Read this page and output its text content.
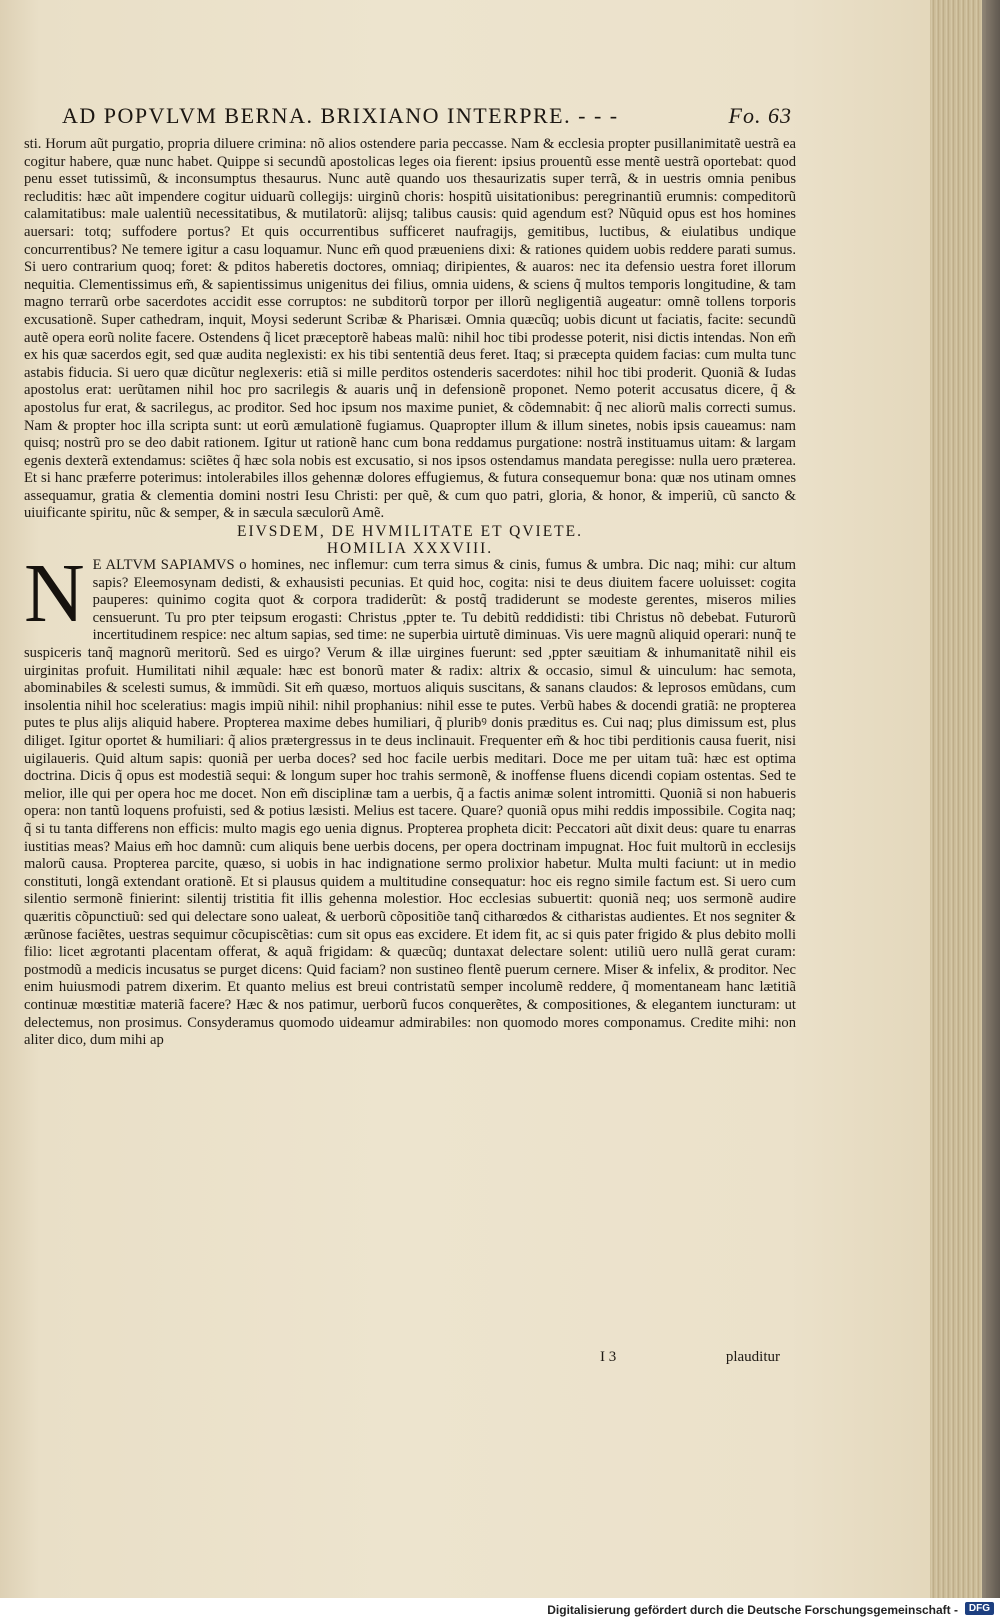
AD POPVLVM BERNA. BRIXIANO INTERPRE. - - -	Fo. 63

sti. Horum aũt purgatio, propria diluere crimina: nõ alios ostendere paria peccasse. Nam & ecclesia propter pusillanimitatẽ uestrã ea cogitur habere, quæ nunc habet. Quippe si secundũ apostolicas leges oia fierent: ipsius prouentũ esse mentẽ uestrã oportebat: quod penu esset tutissimũ, & inconsumptus thesaurus. Nunc autẽ quando uos thesaurizatis super terrã, & in uestris omnia penibus recluditis: hæc aũt impendere cogitur uiduarũ collegijs: uirginũ choris: hospitũ uisitationibus: peregrinantiũ erumnis: compeditorũ calamitatibus: male ualentiũ necessitatibus, & mutilatorũ: alijsq; talibus causis: quid agendum est? Nũquid opus est hos homines auersari: totq; suffodere portus? Et quis occurrentibus sufficeret naufragijs, gemitibus, luctibus, & eiulatibus undique concurrentibus? Ne temere igitur a casu loquamur. Nunc em̃ quod præueniens dixi: & rationes quidem uobis reddere parati sumus. Si uero contrarium quoq; foret: & pditos haberetis doctores, omniaq; diripientes, & auaros: nec ita defensio uestra foret illorum nequitia. Clementissimus em̃, & sapientissimus unigenitus dei filius, omnia uidens, & sciens q̃ multos temporis longitudine, & tam magno terrarũ orbe sacerdotes accidit esse corruptos: ne subditorũ torpor per illorũ negligentiã augeatur: omnẽ tollens torporis excusationẽ. Super cathedram, inquit, Moysi sederunt Scribæ & Pharisæi. Omnia quæcũq; uobis dicunt ut faciatis, facite: secundũ autẽ opera eorũ nolite facere. Ostendens q̃ licet præceptorẽ habeas malũ: nihil hoc tibi prodesse poterit, nisi dictis intendas. Non em̃ ex his quæ sacerdos egit, sed quæ audita neglexisti: ex his tibi sententiã deus feret. Itaq; si præcepta quidem facias: cum multa tunc astabis fiducia. Si uero quæ dicũtur neglexeris: etiã si mille perditos ostenderis sacerdotes: nihil hoc tibi proderit. Quoniã & Iudas apostolus erat: uerũtamen nihil hoc pro sacrilegis & auaris unq̃ in defensionẽ proponet. Nemo poterit accusatus dicere, q̃ & apostolus fur erat, & sacrilegus, ac proditor. Sed hoc ipsum nos maxime puniet, & cõdemnabit: q̃ nec aliorũ malis correcti sumus. Nam & propter hoc illa scripta sunt: ut eorũ æmulationẽ fugiamus. Quapropter illum & illum sinetes, nobis ipsis caueamus: nam quisq; nostrũ pro se deo dabit rationem. Igitur ut rationẽ hanc cum bona reddamus purgatione: nostrã instituamus uitam: & largam egenis dexterã extendamus: sciẽtes q̃ hæc sola nobis est excusatio, si nos ipsos ostendamus mandata peregisse: nulla uero præterea. Et si hanc præferre poterimus: intolerabiles illos gehennæ dolores effugiemus, & futura consequemur bona: quæ nos utinam omnes assequamur, gratia & clementia domini nostri Iesu Christi: per quẽ, & cum quo patri, gloria, & honor, & imperiũ, cũ sancto & uiuificante spiritu, nũc & semper, & in sæcula sæculorũ Amẽ.

EIVSDEM, DE HVMILITATE ET QVIETE.

HOMILIA XXXVIII.

N E ALTVM SAPIAMVS o homines, nec inflemur: cum terra simus & cinis, fumus & umbra. Dic naq; mihi: cur altum sapis? Eleemosynam dedisti, & exhausisti pecunias. Et quid hoc, cogita: nisi te deus diuitem facere uoluisset: cogita pauperes: quinimo cogita quot & corpora tradiderũt: & postq̃ tradiderunt se modeste gerentes, miseros milies censuerunt. Tu pro pter teipsum erogasti: Christus ,ppter te. Tu debitũ reddidisti: tibi Christus nõ debebat. Futurorũ incertitudinem respice: nec altum sapias, sed time: ne superbia uirtutẽ diminuas. Vis uere magnũ aliquid operari: nunq̃ te suspiceris tanq̃ magnorũ meritorũ. Sed es uirgo? Verum & illæ uirgines fuerunt: sed ,ppter sæuitiam & inhumanitatẽ nihil eis uirginitas profuit. Humilitati nihil æquale: hæc est bonorũ mater & radix: altrix & occasio, simul & uinculum: hac semota, abominabiles & scelesti sumus, & immũdi. Sit em̃ quæso, mortuos aliquis suscitans, & sanans claudos: & leprosos emũdans, cum insolentia nihil hoc sceleratius: magis impiũ nihil: nihil prophanius: nihil esse te putes. Verbũ habes & docendi gratiã: ne propterea putes te plus alijs aliquid habere. Propterea maxime debes humiliari, q̃ pluribꝰ donis præditus es. Cui naq; plus dimissum est, plus diliget. Igitur oportet & humiliari: q̃ alios prætergressus in te deus inclinauit. Frequenter em̃ & hoc tibi perditionis causa fuerit, nisi uigilaueris. Quid altum sapis: quoniã per uerba doces? sed hoc facile uerbis meditari. Doce me per uitam tuã: hæc est optima doctrina. Dicis q̃ opus est modestiã sequi: & longum super hoc trahis sermonẽ, & inoffense fluens dicendi copiam ostentas. Sed te melior, ille qui per opera hoc me docet. Non em̃ disciplinæ tam a uerbis, q̃ a factis animæ solent intromitti. Quoniã si non habueris opera: non tantũ loquens profuisti, sed & potius læsisti. Melius est tacere. Quare? quoniã opus mihi reddis impossibile. Cogita naq; q̃ si tu tanta differens non efficis: multo magis ego uenia dignus. Propterea propheta dicit: Peccatori aũt dixit deus: quare tu enarras iustitias meas? Maius em̃ hoc damnũ: cum aliquis bene uerbis docens, per opera doctrinam impugnat. Hoc fuit multorũ in ecclesijs malorũ causa. Propterea parcite, quæso, si uobis in hac indignatione sermo prolixior habetur. Multa multi faciunt: ut in medio constituti, longã extendant orationẽ. Et si plausus quidem a multitudine consequatur: hoc eis regno simile factum est. Si uero cum silentio sermonẽ finierint: silentij tristitia fit illis gehenna molestior. Hoc ecclesias subuertit: quoniã neq; uos sermonẽ audire quæritis cõpunctiuũ: sed qui delectare sono ualeat, & uerborũ cõpositiõe tanq̃ citharœdos & citharistas audientes. Et nos segniter & ærũnose faciẽtes, uestras sequimur cõcupiscẽtias: cum sit opus eas excidere. Et idem fit, ac si quis pater frigido & plus debito molli filio: licet ægrotanti placentam offerat, & aquã frigidam: & quæcũq; duntaxat delectare solent: utiliũ uero nullã gerat curam: postmodũ a medicis incusatus se purget dicens: Quid faciam? non sustineo flentẽ puerum cernere. Miser & infelix, & proditor. Nec enim huiusmodi patrem dixerim. Et quanto melius est breui contristatũ semper incolumẽ reddere, q̃ momentaneam hanc lætitiã continuæ mœstitiæ materiã facere? Hæc & nos patimur, uerborũ fucos conquerẽtes, & compositiones, & elegantem iuncturam: ut delectemus, non prosimus. Consyderamus quomodo uideamur admirabiles: non quomodo mores componamus. Credite mihi: non aliter dico, dum mihi ap

I 3	plauditur
Digitalisierung gefördert durch die Deutsche Forschungsgemeinschaft -	DFG
